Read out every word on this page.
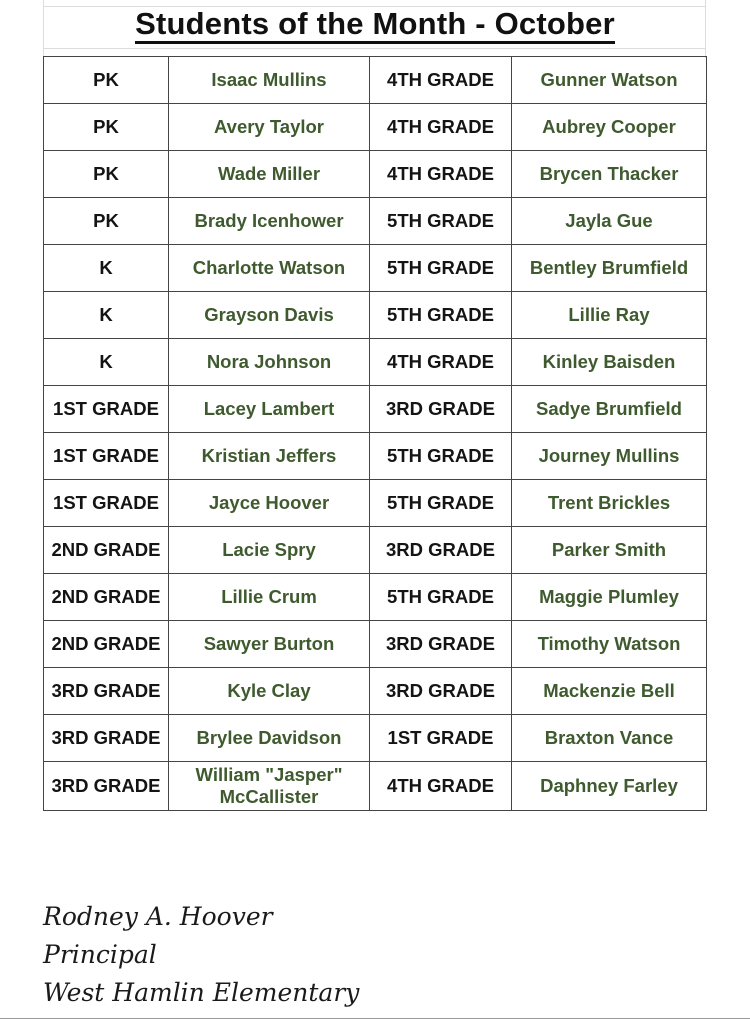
Students of the Month - October
PK	Isaac Mullins	4TH GRADE	Gunner Watson
PK	Avery Taylor	4TH GRADE	Aubrey Cooper
PK	Wade Miller	4TH GRADE	Brycen Thacker
PK	Brady Icenhower	5TH GRADE	Jayla Gue
K	Charlotte Watson	5TH GRADE	Bentley Brumfield
K	Grayson Davis	5TH GRADE	Lillie Ray
K	Nora Johnson	4TH GRADE	Kinley Baisden
1ST GRADE	Lacey Lambert	3RD GRADE	Sadye Brumfield
1ST GRADE	Kristian Jeffers	5TH GRADE	Journey Mullins
1ST GRADE	Jayce Hoover	5TH GRADE	Trent Brickles
2ND GRADE	Lacie Spry	3RD GRADE	Parker Smith
2ND GRADE	Lillie Crum	5TH GRADE	Maggie Plumley
2ND GRADE	Sawyer Burton	3RD GRADE	Timothy Watson
3RD GRADE	Kyle Clay	3RD GRADE	Mackenzie Bell
3RD GRADE	Brylee Davidson	1ST GRADE	Braxton Vance
3RD GRADE	William "Jasper" McCallister	4TH GRADE	Daphney Farley
Rodney A. Hoover
Principal
West Hamlin Elementary
